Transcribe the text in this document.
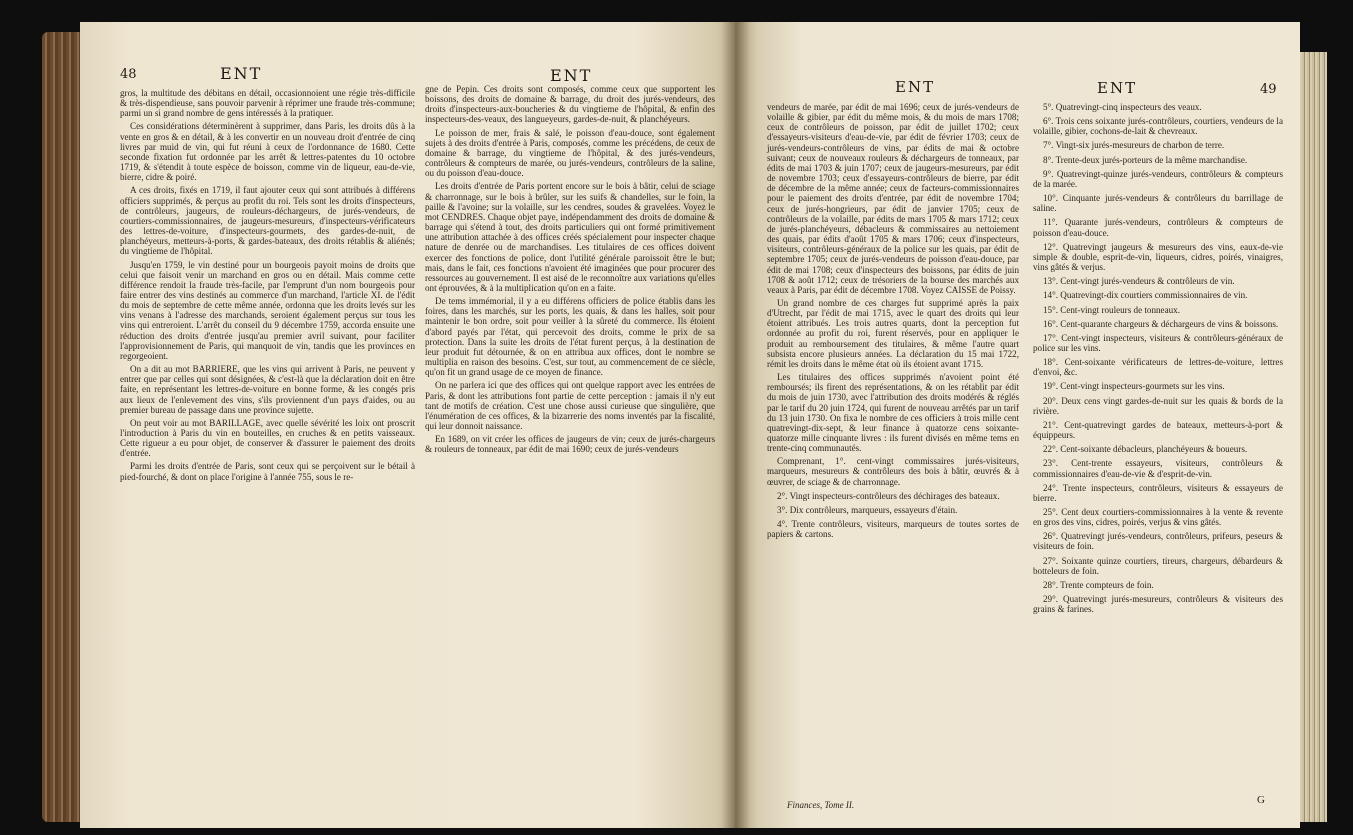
48	ENT	ENT

gros, la multitude des débitans en détail, occasionnoient une régie très-difficile & très-dispendieuse, sans pouvoir parvenir à réprimer une fraude très-commune; parmi un si grand nombre de gens intéressés à la pratiquer.

Ces considérations déterminèrent à supprimer, dans Paris, les droits dûs à la vente en gros & en détail, & à les convertir en un nouveau droit d'entrée de cinq livres par muid de vin, qui fut réuni à ceux de l'ordonnance de 1680. Cette seconde fixation fut ordonnée par les arrêt & lettres-patentes du 10 octobre 1719, & s'étendit à toute espèce de boisson, comme vin de liqueur, eau-de-vie, bierre, cidre & poiré.

A ces droits, fixés en 1719, il faut ajouter ceux qui sont attribués à différens officiers supprimés, & perçus au profit du roi. Tels sont les droits d'inspecteurs, de contrôleurs, jaugeurs, de rouleurs-déchargeurs, de jurés-vendeurs, de courtiers-commissionnaires, de jaugeurs-mesureurs, d'inspecteurs-vérificateurs des lettres-de-voiture, d'inspecteurs-gourmets, des gardes-de-nuit, de planchéyeurs, metteurs-à-ports, & gardes-bateaux, des droits rétablis & aliénés; du vingtieme de l'hôpital.

Jusqu'en 1759, le vin destiné pour un bourgeois payoit moins de droits que celui que faisoit venir un marchand en gros ou en détail. Mais comme cette différence rendoit la fraude très-facile, par l'emprunt d'un nom bourgeois pour faire entrer des vins destinés au commerce d'un marchand, l'article XI. de l'édit du mois de septembre de cette même année, ordonna que les droits levés sur les vins venans à l'adresse des marchands, seroient également perçus sur tous les vins qui entreroient. L'arrêt du conseil du 9 décembre 1759, accorda ensuite une réduction des droits d'entrée jusqu'au premier avril suivant, pour faciliter l'approvisionnement de Paris, qui manquoit de vin, tandis que les provinces en regorgeoient.

On a dit au mot BARRIERE, que les vins qui arrivent à Paris, ne peuvent y entrer que par celles qui sont désignées, & c'est-là que la déclaration doit en être faite, en représentant les lettres-de-voiture en bonne forme, & les congés pris aux lieux de l'enlevement des vins, s'ils proviennent d'un pays d'aides, ou au premier bureau de passage dans une province sujette.

On peut voir au mot BARILLAGE, avec quelle sévérité les loix ont proscrit l'introduction à Paris du vin en bouteilles, en cruches & en petits vaisseaux. Cette rigueur a eu pour objet, de conserver & d'assurer le paiement des droits d'entrée.

Parmi les droits d'entrée de Paris, sont ceux qui se perçoivent sur le bétail à pied-fourché, & dont on place l'origine à l'année 755, sous le re-

gne de Pepin. Ces droits sont composés, comme ceux que supportent les boissons, des droits de domaine & barrage, du droit des jurés-vendeurs, des droits d'inspecteurs-aux-boucheries & du vingtieme de l'hôpital, & enfin des inspecteurs-des-veaux, des langueyeurs, gardes-de-nuit, & planchéyeurs.

Le poisson de mer, frais & salé, le poisson d'eau-douce, sont également sujets à des droits d'entrée à Paris, composés, comme les précédens, de ceux de domaine & barrage, du vingtieme de l'hôpital, & des jurés-vendeurs, contrôleurs & compteurs de marée, ou jurés-vendeurs, contrôleurs de la saline, ou du poisson d'eau-douce.

Les droits d'entrée de Paris portent encore sur le bois à bâtir, celui de sciage & charronnage, sur le bois à brûler, sur les suifs & chandelles, sur le foin, la paille & l'avoine; sur la volaille, sur les cendres, soudes & gravelées. Voyez le mot CENDRES. Chaque objet paye, indépendamment des droits de domaine & barrage qui s'étend à tout, des droits particuliers qui ont formé primitivement une attribution attachée à des offices créés spécialement pour inspecter chaque nature de denrée ou de marchandises. Les titulaires de ces offices doivent exercer des fonctions de police, dont l'utilité générale paroissoit être le but; mais, dans le fait, ces fonctions n'avoient été imaginées que pour procurer des ressources au gouvernement. Il est aisé de le reconnoître aux variations qu'elles ont éprouvées, & à la multiplication qu'on en a faite.

De tems immémorial, il y a eu différens officiers de police établis dans les foires, dans les marchés, sur les ports, les quais, & dans les halles, soit pour maintenir le bon ordre, soit pour veiller à la sûreté du commerce. Ils étoient d'abord payés par l'état, qui percevoit des droits, comme le prix de sa protection. Dans la suite les droits de l'état furent perçus, à la destination de leur produit fut détournée, & on en attribua aux offices, dont le nombre se multiplia en raison des besoins. C'est, sur tout, au commencement de ce siècle, qu'on fit un grand usage de ce moyen de finance.

On ne parlera ici que des offices qui ont quelque rapport avec les entrées de Paris, & dont les attributions font partie de cette perception : jamais il n'y eut tant de motifs de création. C'est une chose aussi curieuse que singulière, que l'énumération de ces offices, & la bizarrerie des noms inventés par la fiscalité, qui leur donnoit naissance.

En 1689, on vit créer les offices de jaugeurs de vin; ceux de jurés-chargeurs & rouleurs de tonneaux, par édit de mai 1690; ceux de jurés-vendeurs

ENT	ENT	49

vendeurs de marée, par édit de mai 1696; ceux de jurés-vendeurs de volaille & gibier, par édit du même mois, & du mois de mars 1708; ceux de contrôleurs de poisson, par édit de juillet 1702; ceux d'essayeurs-visiteurs d'eau-de-vie, par édit de février 1703; ceux de jurés-vendeurs-contrôleurs de vins, par édits de mai & octobre suivant; ceux de nouveaux rouleurs & déchargeurs de tonneaux, par édits de mai 1703 & juin 1707; ceux de jaugeurs-mesureurs, par édit de novembre 1703; ceux d'essayeurs-contrôleurs de bierre, par édit de décembre de la même année; ceux de facteurs-commissionnaires pour le paiement des droits d'entrée, par édit de novembre 1704; ceux de jurés-hongrieurs, par édit de janvier 1705; ceux de contrôleurs de la volaille, par édits de mars 1705 & mars 1712; ceux de jurés-planchéyeurs, débacleurs & commissaires au nettoiement des quais, par édits d'août 1705 & mars 1706; ceux d'inspecteurs, visiteurs, contrôleurs-généraux de la police sur les quais, par édit de septembre 1705; ceux de jurés-vendeurs de poisson d'eau-douce, par édit de mai 1708; ceux d'inspecteurs des boissons, par édits de juin 1708 & août 1712; ceux de trésoriers de la bourse des marchés aux veaux à Paris, par édit de décembre 1708. Voyez CAISSE de Poissy.

Un grand nombre de ces charges fut supprimé après la paix d'Utrecht, par l'édit de mai 1715, avec le quart des droits qui leur étoient attribués. Les trois autres quarts, dont la perception fut ordonnée au profit du roi, furent réservés, pour en appliquer le produit au remboursement des titulaires, & même l'autre quart subsista encore plusieurs années. La déclaration du 15 mai 1722, rémit les droits dans le même état où ils étoient avant 1715.

Les titulaires des offices supprimés n'avoient point été remboursés; ils firent des représentations, & on les rétablit par édit du mois de juin 1730, avec l'attribution des droits modérés & réglés par le tarif du 20 juin 1724, qui furent de nouveau arrêtés par un tarif du 13 juin 1730. On fixa le nombre de ces officiers à trois mille cent quatrevingt-dix-sept, & leur finance à quatorze cens soixante-quatorze mille cinquante livres : ils furent divisés en même tems en trente-cinq communautés.

Comprenant, 1°. cent-vingt commissaires jurés-visiteurs, marqueurs, mesureurs & contrôleurs des bois à bâtir, œuvrés & à œuvrer, de sciage & de charronnage.

2°. Vingt inspecteurs-contrôleurs des déchirages des bateaux.

3°. Dix contrôleurs, marqueurs, essayeurs d'étain.

4°. Trente contrôleurs, visiteurs, marqueurs de toutes sortes de papiers & cartons.

Finances, Tome II.

5°. Quatrevingt-cinq inspecteurs des veaux.

6°. Trois cens soixante jurés-contrôleurs, courtiers, vendeurs de la volaille, gibier, cochons-de-lait & chevreaux.

7°. Vingt-six jurés-mesureurs de charbon de terre.

8°. Trente-deux jurés-porteurs de la même marchandise.

9°. Quatrevingt-quinze jurés-vendeurs, contrôleurs & compteurs de la marée.

10°. Cinquante jurés-vendeurs & contrôleurs du barrillage de saline.

11°. Quarante jurés-vendeurs, contrôleurs & compteurs de poisson d'eau-douce.

12°. Quatrevingt jaugeurs & mesureurs des vins, eaux-de-vie simple & double, esprit-de-vin, liqueurs, cidres, poirés, vinaigres, vins gâtés & verjus.

13°. Cent-vingt jurés-vendeurs & contrôleurs de vin.

14°. Quatrevingt-dix courtiers commissionnaires de vin.

15°. Cent-vingt rouleurs de tonneaux.

16°. Cent-quarante chargeurs & déchargeurs de vins & boissons.

17°. Cent-vingt inspecteurs, visiteurs & contrôleurs-généraux de police sur les vins.

18°. Cent-soixante vérificateurs de lettres-de-voiture, lettres d'envoi, &c.

19°. Cent-vingt inspecteurs-gourmets sur les vins.

20°. Deux cens vingt gardes-de-nuit sur les quais & bords de la rivière.

21°. Cent-quatrevingt gardes de bateaux, metteurs-à-port & équippeurs.

22°. Cent-soixante débacleurs, planchéyeurs & boueurs.

23°. Cent-trente essayeurs, visiteurs, contrôleurs & commissionnaires d'eau-de-vie & d'esprit-de-vin.

24°. Trente inspecteurs, contrôleurs, visiteurs & essayeurs de bierre.

25°. Cent deux courtiers-commissionnaires à la vente & revente en gros des vins, cidres, poirés, verjus & vins gâtés.

26°. Quatrevingt jurés-vendeurs, contrôleurs, prifeurs, peseurs & visiteurs de foin.

27°. Soixante quinze courtiers, tireurs, chargeurs, débardeurs & botteleurs de foin.

28°. Trente compteurs de foin.

29°. Quatrevingt jurés-mesureurs, contrôleurs & visiteurs des grains & farines.

G
